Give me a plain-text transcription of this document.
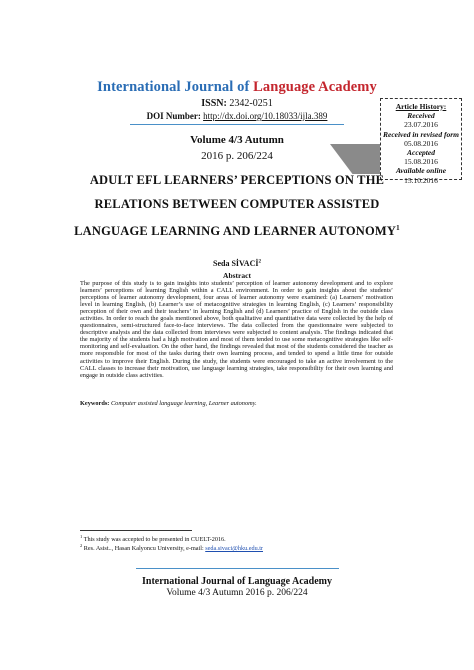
International Journal of Language Academy
ISSN: 2342-0251
DOI Number: http://dx.doi.org/10.18033/ijla.389
Article History:
Received
23.07.2016
Received in revised form
05.08.2016
Accepted
15.08.2016
Available online
15.10.2016
Volume 4/3 Autumn
2016 p. 206/224
ADULT EFL LEARNERS’ PERCEPTIONS ON THE RELATIONS BETWEEN COMPUTER ASSISTED LANGUAGE LEARNING AND LEARNER AUTONOMY$^1$
Seda SİVACİ$^2$
Abstract
The purpose of this study is to gain insights into students’ perception of learner autonomy development and to explore learners’ perceptions of learning English within a CALL environment. In order to gain insights about the students’ perceptions of learner autonomy development, four areas of learner autonomy were examined: (a) Learners’ motivation level in learning English, (b) Learner’s use of metacognitive strategies in learning English, (c) Learners’ responsibility perception of their own and their teachers’ in learning English and (d) Learners’ practice of English in the outside class activities. In order to reach the goals mentioned above, both qualitative and quantitative data were collected by the help of questionnaires, semi-structured face-to-face interviews. The data collected from the questionnaire were subjected to descriptive analysis and the data collected from interviews were subjected to content analysis. The findings indicated that the majority of the students had a high motivation and most of them tended to use some metacognitive strategies like self-monitoring and self-evaluation. On the other hand, the findings revealed that most of the students considered the teacher as more responsible for most of the tasks during their own learning process, and tended to spend a little time for outside activities to improve their English. During the study, the students were encouraged to take an active involvement to the CALL classes to increase their motivation, use language learning strategies, take responsibility for their own learning and engage in outside class activities.
Keywords: Computer assisted language learning, Learner autonomy.
$^1$ This study was accepted to be presented in CUELT-2016.
$^2$ Res. Asist.., Hasan Kalyoncu University, e-mail: seda.sivaci@hku.edu.tr
International Journal of Language Academy
Volume 4/3 Autumn 2016 p. 206/224
